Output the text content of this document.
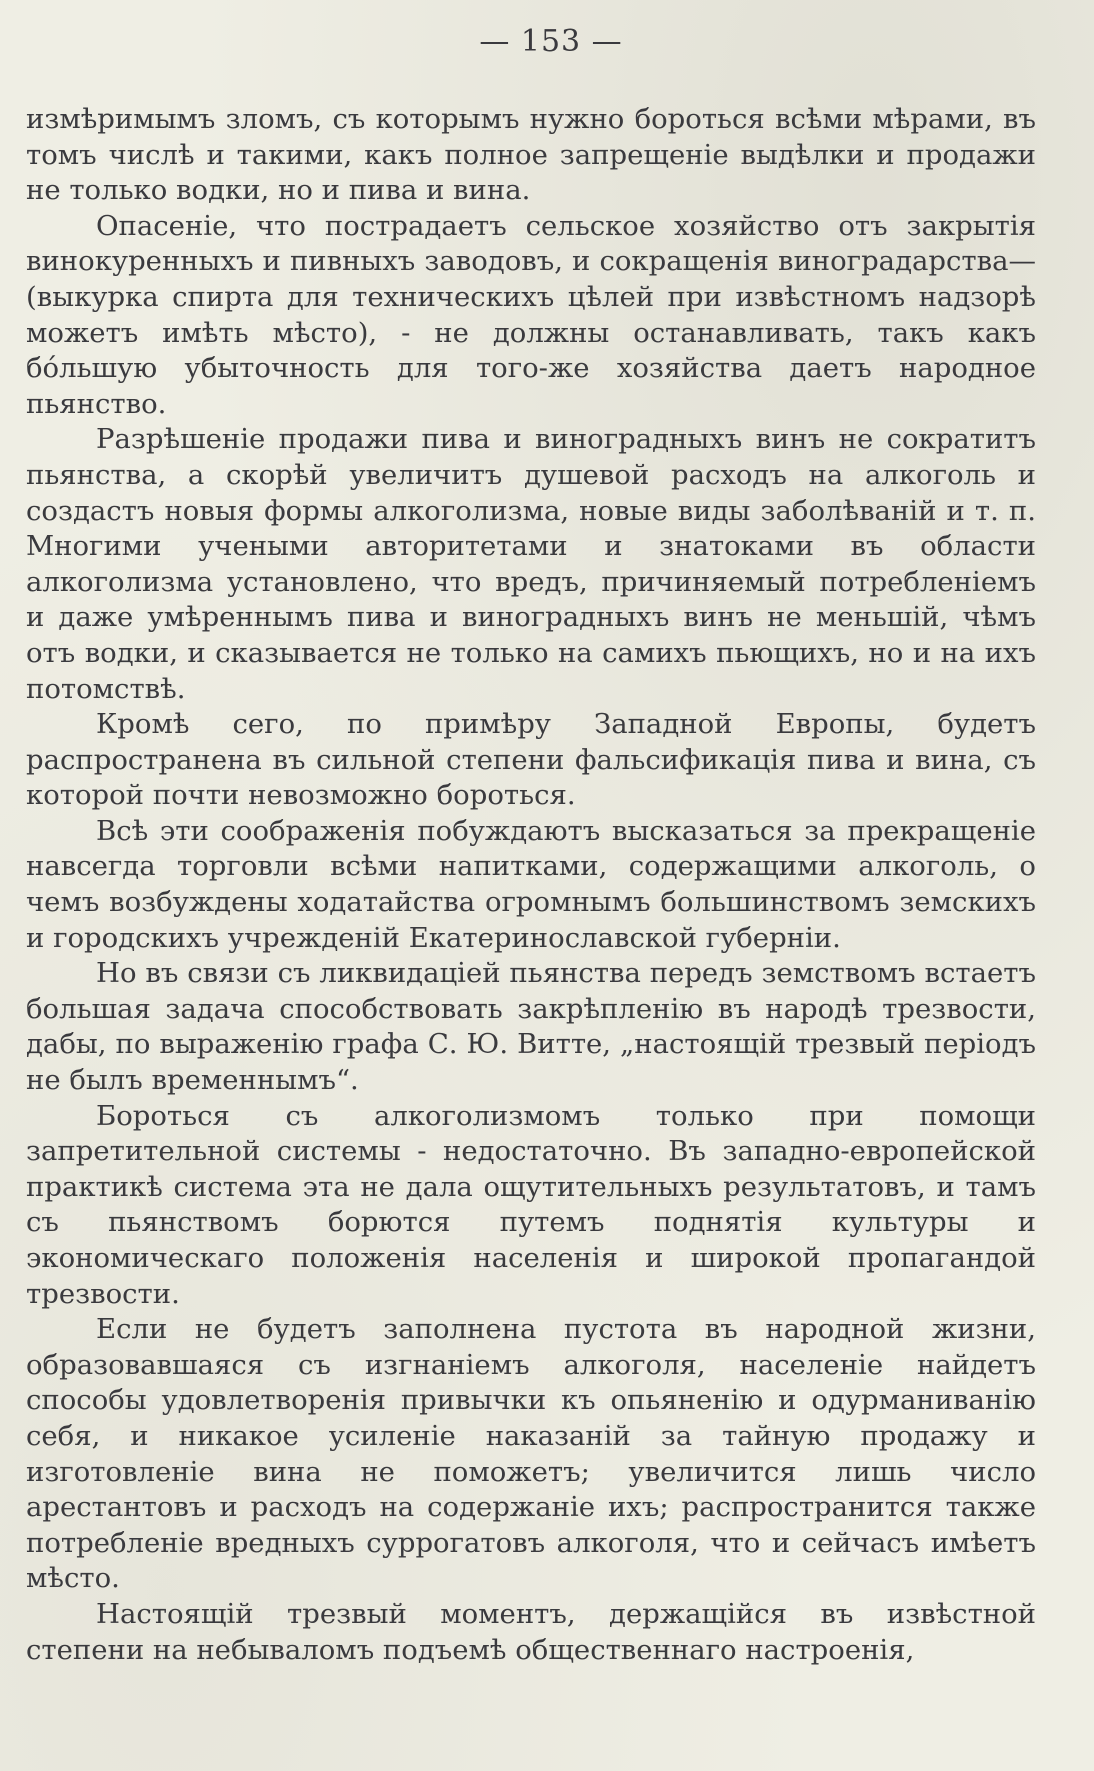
— 153 —

измѣримымъ зломъ, съ которымъ нужно бороться всѣми мѣрами, въ томъ числѣ и такими, какъ полное запрещеніе выдѣлки и продажи не только водки, но и пива и вина.

Опасеніе, что пострадаетъ сельское хозяйство отъ закрытія винокуренныхъ и пивныхъ заводовъ, и сокращенія виноградарства—(выкурка спирта для техническихъ цѣлей при извѣстномъ надзорѣ можетъ имѣть мѣсто), - не должны останавливать, такъ какъ бóльшую убыточность для того-же хозяйства даетъ народное пьянство.

Разрѣшеніе продажи пива и виноградныхъ винъ не сократитъ пьянства, а скорѣй увеличитъ душевой расходъ на алкоголь и создастъ новыя формы алкоголизма, новые виды заболѣваній и т. п. Многими учеными авторитетами и знатоками въ области алкоголизма установлено, что вредъ, причиняемый потребленіемъ и даже умѣреннымъ пива и виноградныхъ винъ не меньшій, чѣмъ отъ водки, и сказывается не только на самихъ пьющихъ, но и на ихъ потомствѣ.

Кромѣ сего, по примѣру Западной Европы, будетъ распространена въ сильной степени фальсификація пива и вина, съ которой почти невозможно бороться.

Всѣ эти соображенія побуждаютъ высказаться за прекращеніе навсегда торговли всѣми напитками, содержащими алкоголь, о чемъ возбуждены ходатайства огромнымъ большинствомъ земскихъ и городскихъ учрежденій Екатеринославской губерніи.

Но въ связи съ ликвидаціей пьянства передъ земствомъ встаетъ большая задача способствовать закрѣпленію въ народѣ трезвости, дабы, по выраженію графа С. Ю. Витте, „настоящій трезвый періодъ не былъ временнымъ“.

Бороться съ алкоголизмомъ только при помощи запретительной системы - недостаточно. Въ западно-европейской практикѣ система эта не дала ощутительныхъ результатовъ, и тамъ съ пьянствомъ борются путемъ поднятія культуры и экономическаго положенія населенія и широкой пропагандой трезвости.

Если не будетъ заполнена пустота въ народной жизни, образовавшаяся съ изгнаніемъ алкоголя, населеніе найдетъ способы удовлетворенія привычки къ опьяненію и одурманиванію себя, и никакое усиленіе наказаній за тайную продажу и изготовленіе вина не поможетъ; увеличится лишь число арестантовъ и расходъ на содержаніе ихъ; распространится также потребленіе вредныхъ суррогатовъ алкоголя, что и сейчасъ имѣетъ мѣсто.

Настоящій трезвый моментъ, держащійся въ извѣстной степени на небываломъ подъемѣ общественнаго настроенія,
